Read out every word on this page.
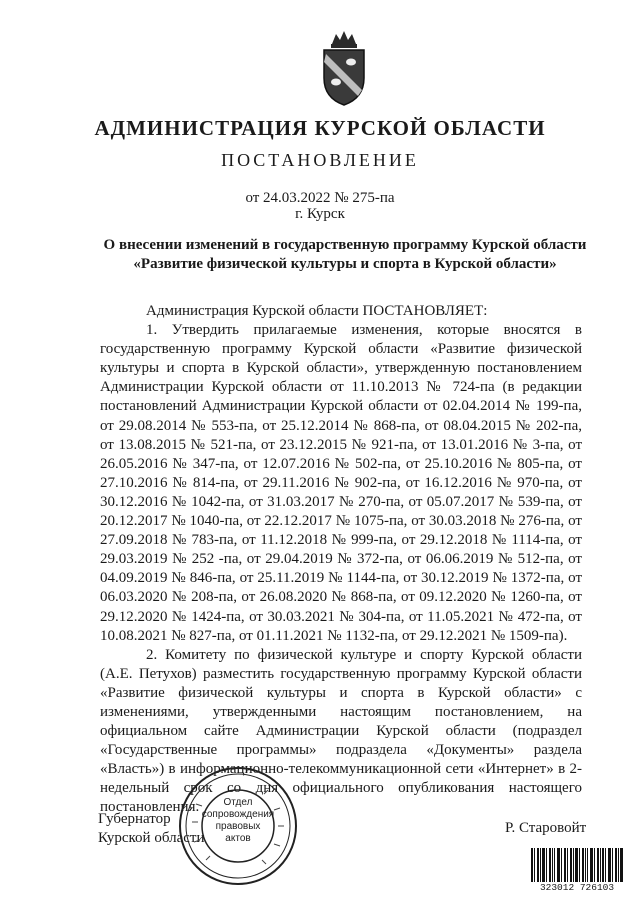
АДМИНИСТРАЦИЯ КУРСКОЙ ОБЛАСТИ
ПОСТАНОВЛЕНИЕ
от 24.03.2022 № 275-па
г. Курск
О внесении изменений в государственную программу Курской области «Развитие физической культуры и спорта в Курской области»

Администрация Курской области ПОСТАНОВЛЯЕТ:

1. Утвердить прилагаемые изменения, которые вносятся в государственную программу Курской области «Развитие физической культуры и спорта в Курской области», утвержденную постановлением Администрации Курской области от 11.10.2013 № 724-па (в редакции постановлений Администрации Курской области от 02.04.2014 № 199-па, от 29.08.2014 № 553-па, от 25.12.2014 № 868-па, от 08.04.2015 № 202-па, от 13.08.2015 № 521-па, от 23.12.2015 № 921-па, от 13.01.2016 № 3-па, от 26.05.2016 № 347-па, от 12.07.2016 № 502-па, от 25.10.2016 № 805-па, от 27.10.2016 № 814-па, от 29.11.2016 № 902-па, от 16.12.2016 № 970-па, от 30.12.2016 № 1042-па, от 31.03.2017 № 270-па, от 05.07.2017 № 539-па, от 20.12.2017 № 1040-па, от 22.12.2017 № 1075-па, от 30.03.2018 № 276-па, от 27.09.2018 № 783-па, от 11.12.2018 № 999-па, от 29.12.2018 № 1114-па, от 29.03.2019 № 252 -па, от 29.04.2019 № 372-па, от 06.06.2019 № 512-па, от 04.09.2019 № 846-па, от 25.11.2019 № 1144-па, от 30.12.2019 № 1372-па, от 06.03.2020 № 208-па, от 26.08.2020 № 868-па, от 09.12.2020 № 1260-па, от 29.12.2020 № 1424-па, от 30.03.2021 № 304-па, от 11.05.2021 № 472-па, от 10.08.2021 № 827-па, от 01.11.2021 № 1132-па, от 29.12.2021 № 1509-па).

2. Комитету по физической культуре и спорту Курской области (А.Е. Петухов) разместить государственную программу Курской области «Развитие физической культуры и спорта в Курской области» с изменениями, утвержденными настоящим постановлением, на официальном сайте Администрации Курской области (подраздел «Государственные программы» подраздела «Документы» раздела «Власть») в информационно-телекоммуникационной сети «Интернет» в 2-недельный срок со дня официального опубликования настоящего постановления.

Губернатор
Курской области
Р. Старовойт
Отдел
сопровождения
правовых
актов
323012 726103
